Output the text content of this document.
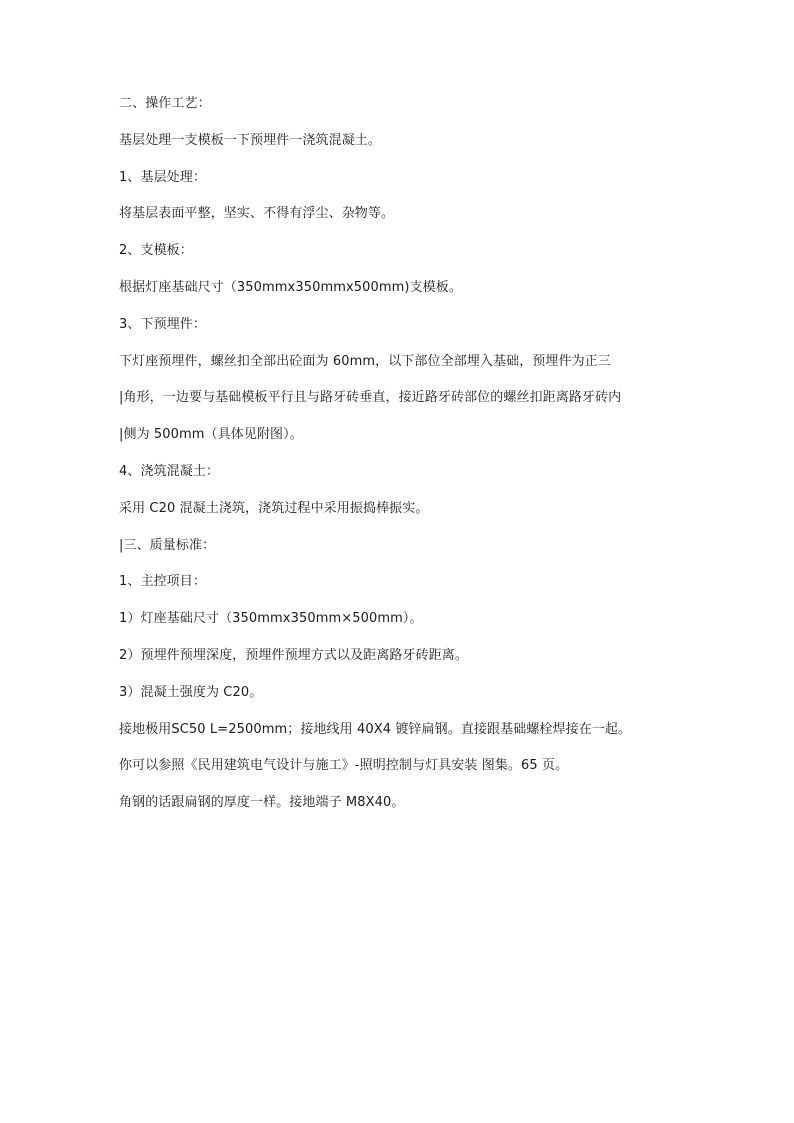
二、操作工艺：
基层处理一支模板一下预埋件一浇筑混凝土。
1、基层处理：
将基层表面平整，坚实、不得有浮尘、杂物等。
2、支模板：
根据灯座基础尺寸（350mmx350mmx500mm)支模板。
3、下预埋件：
下灯座预埋件，螺丝扣全部出砼面为 60mm，以下部位全部埋入基础，预埋件为正三
|角形，一边要与基础模板平行且与路牙砖垂直，接近路牙砖部位的螺丝扣距离路牙砖内
|侧为 500mm（具体见附图）。
4、浇筑混凝土：
采用 C20 混凝土浇筑，浇筑过程中采用振捣棒振实。
|三、质量标准：
1、主控项目：
1）灯座基础尺寸（350mmx350mm×500mm）。
2）预埋件预埋深度，预埋件预埋方式以及距离路牙砖距离。
3）混凝土强度为 C20。
接地极用SC50 L=2500mm；接地线用 40X4 镀锌扁钢。直接跟基础螺栓焊接在一起。
你可以参照《民用建筑电气设计与施工》-照明控制与灯具安装 图集。65 页。
角钢的话跟扁钢的厚度一样。接地端子 M8X40。
